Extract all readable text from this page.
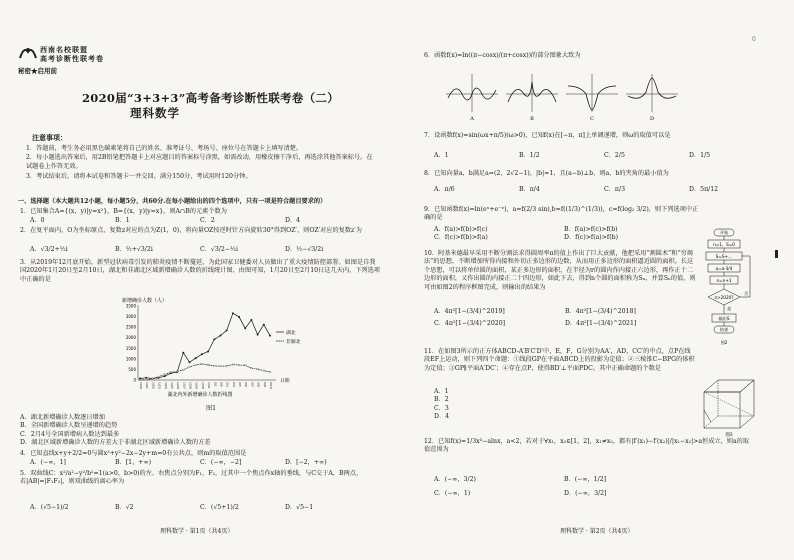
西南名校联盟
高考诊断性联考卷
秘密★启用前
2020届“3+3+3”高考备考诊断性联考卷（二）
理科数学
注意事项：
1．答题前，考生务必用黑色碳素笔将自己的姓名、准考证号、考场号、座位号在答题卡上填写清楚。
2．每小题选出答案后，用2B铅笔把答题卡上对应题目的答案标号涂黑，如需改动，用橡皮擦干净后，再选涂其他答案标号。在试题卷上作答无效。
3．考试结束后，请将本试卷和答题卡一并交回。满分150分，考试用时120分钟。
一、选择题（本大题共12小题，每小题5分，共60分.在每小题给出的四个选项中，只有一项是符合题目要求的）
1．已知集合A={(x，y)|y=x²}，B={(x，y)|y=x}，则A∩B的元素个数为
A．0	B．1	C．2	D．4
2．在复平面内，O为坐标原点，复数z对应的点为Z(1，0)，将向量OZ按逆时针方向旋转30°得到OZ′，则OZ′对应的复数z′为
A．√3/2+½i	B．½+√3/2i	C．√3/2−½i	D．½−√3/2i
3．从2019年12月底开始，新型冠状病毒引发的肺炎疫情不断蔓延，为此国家卫健委对人员做出了重大疫情防控部署。如图是自我国2020年1月20日至2月10日，湖北和非湖北区域新增确诊人数的折线统计图，由图可知，1月20日至2月10日这几天内，下列选项中正确的是
新增确诊人数（人）
0
500
1000
1500
2000
2500
3000
3500
1/20 1/21 1/22 1/23 1/24 1/25 1/26 1/27 1/28 1/29 1/30 1/31 2/1 2/2 2/3 2/4 2/5 2/6 2/7 2/8 2/9 2/10
湖北
非湖北
日期
湖北内外新增确诊人数折线图
图1
A．湖北新增确诊人数逐日增加
B．全国新增确诊人数呈递增的趋势
C．2月4号全国新增病人数达到最多
D．湖北区域新增确诊人数的方差大于非湖北区域新增确诊人数的方差
4．已知直线x+y+2/2=0与圆x²+y²−2x−2y+m=0有公共点，则m的取值范围是
A．(−∞，1]	B．[1，+∞)	C．(−∞，−2]	D．[−2，+∞)
5．双曲线C：x²/a²−y²/b²=1(a>0，b>0)的左、右焦点分别为F₁，F₂，过其中一个焦点作x轴的垂线，与C交于A，B两点，若|AB|=|F₁F₂|，则双曲线的离心率为
A．(√5−1)/2	B．√2	C．(√5+1)/2	D．√5−1
理科数学 · 第1页（共4页）
0
6．函数f(x)=ln((π−cosx)/(π+cosx))的部分图象大致为
A	B	C	D
7．设函数f(x)=sin(ωx+π/5)(ω>0)，已知f(x)在[−π，π]上单调递增，则ω的取值可以是
A．1	B．1/2	C．2/5	D．1/5
8．已知向量a，b满足a=(2，2√2−1)，|b|=1，且(a−b)⊥b，则a，b的夹角的最小值为
A．π/6	B．π/4	C．π/3	D．5π/12
9．已知函数f(x)=ln(eˣ+e⁻ˣ)，a=f(2/3 sin),b=f((1/3)^(1/3))，c=f(log₂ 3/2)，则下列选项中正确的是
A．f(a)>f(b)>f(c)	B．f(a)>f(c)>f(b)
C．f(c)>f(b)>f(a)	D．f(c)>f(a)>f(b)
10．阿基米德最早采用不断分割法求得圆周率π的值上作出了巨大贡献，他把采用“割圆术”和“穷竭法”的思想，不断增加所得内接和外切正多边形的边数，从而用正多边形的面积逼近圆的面积。长这个思想，可以将单位圆的面积，某正多边形的面积，在半径为r的圆内作内接正六边形，再作正十二边形的面积，又作出圆的内接正二十四边形，如此下去，得到n个圆的面积称为Sₙ，并算Sₙ的值，则可由如图2的程序框图完成，则输出的结果为
A．4π²[1−(3/4)^2019]	B．4π²[1−(3/4)^2018]
C．4π²[1−(3/4)^2020]	D．4π²[1−(3/4)^2021]
开始
n=1，S=0
S=S+…
a=a·3/4
n=n+1
n>2020?
是
否
输出S
结束
图2
11．在如图3所示的正方体ABCD-A′B′C′D′中，E，F，G分别为AA′，AD，CC′的中点，点P在线段EF上运动，则下列四个命题：①线段GP在平面ABCD上的投影为定值；②三棱锥C−BPG的体积为定值；③GP∥平面A′DC′；④存在点P，使得BD′⊥平面PDC。其中正确命题的个数是
A．1
B．2
C．3
D．4
图3
12．已知f(x)=1/3x³−alnx，a<2，若对于∀x₁，x₂∈[1，2]，x₁≠x₂，都有|f′(x₁)−f′(x₂)|/|x₁−x₂|>a恒成立，则a的取值范围为
A．(−∞，3/2)	B．(−∞，1/2]
C．(−∞，1)	D．(−∞，3/2]
理科数学 · 第2页（共4页）
